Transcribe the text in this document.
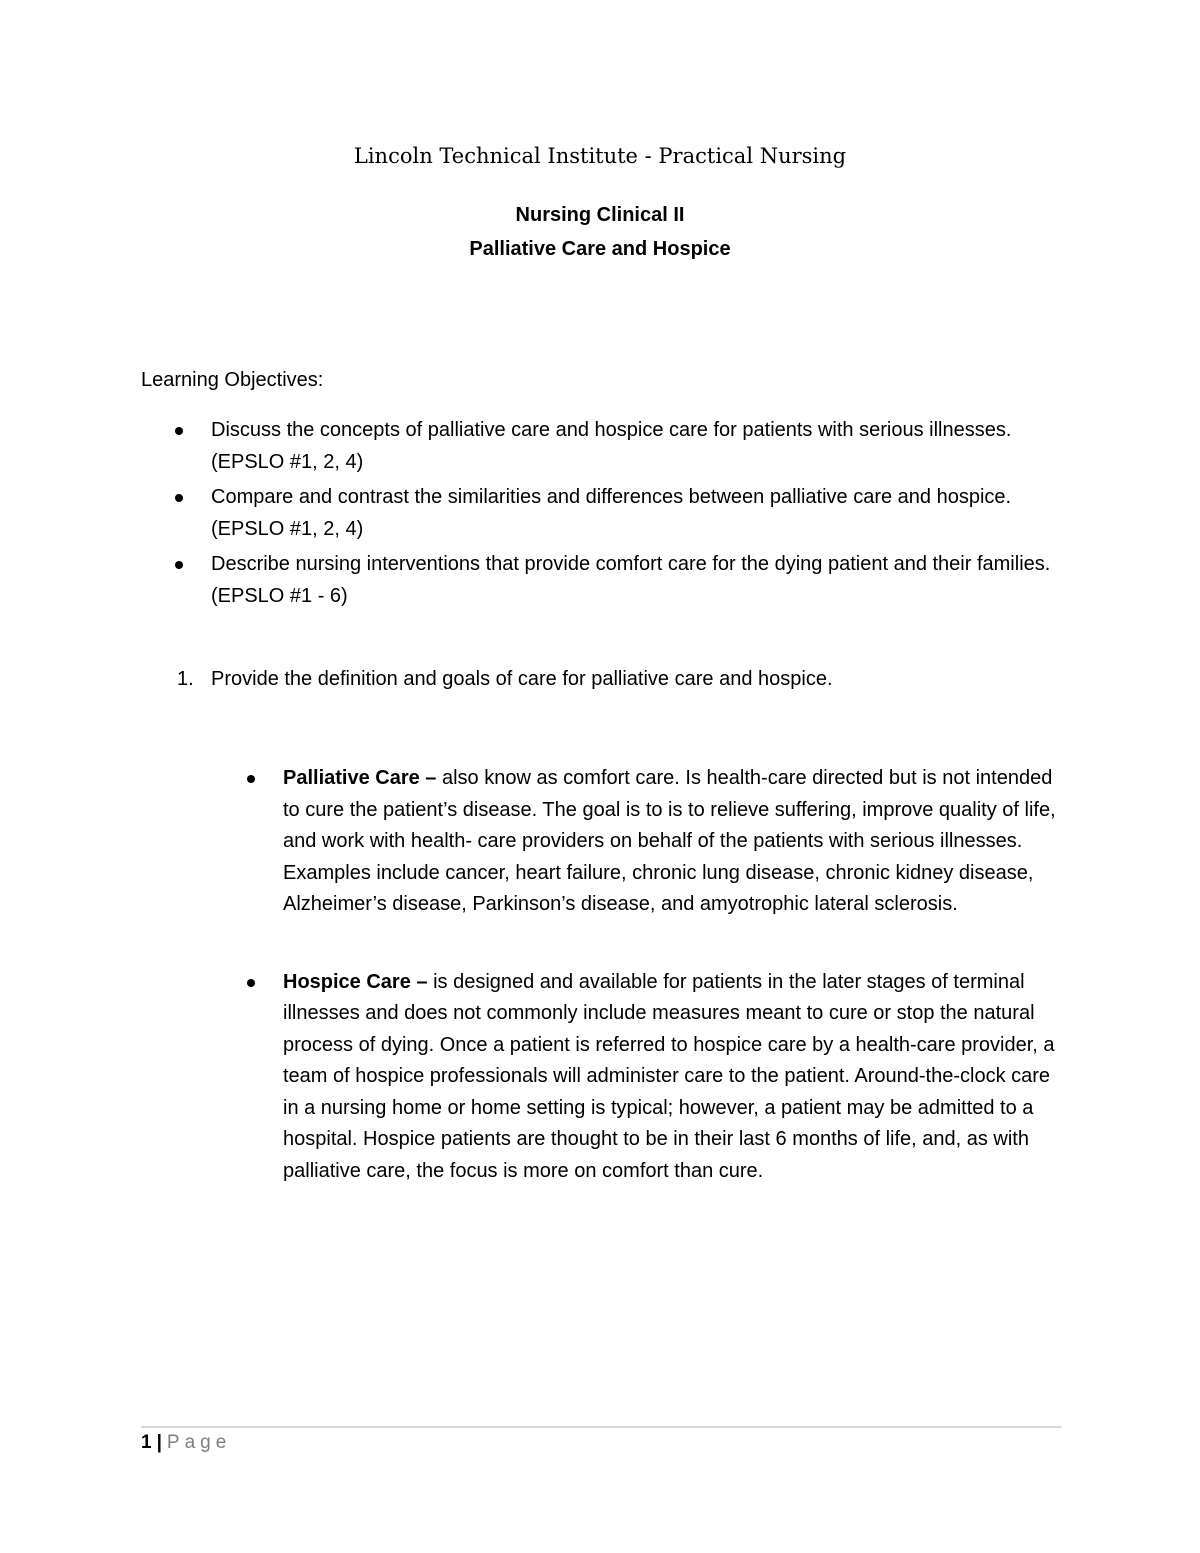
Lincoln Technical Institute - Practical Nursing
Nursing Clinical II
Palliative Care and Hospice
Learning Objectives:
Discuss the concepts of palliative care and hospice care for patients with serious illnesses. (EPSLO #1, 2, 4)
Compare and contrast the similarities and differences between palliative care and hospice. (EPSLO #1, 2, 4)
Describe nursing interventions that provide comfort care for the dying patient and their families. (EPSLO #1 - 6)
1. Provide the definition and goals of care for palliative care and hospice.
Palliative Care – also know as comfort care. Is health-care directed but is not intended to cure the patient’s disease. The goal is to is to relieve suffering, improve quality of life, and work with health- care providers on behalf of the patients with serious illnesses. Examples include cancer, heart failure, chronic lung disease, chronic kidney disease, Alzheimer’s disease, Parkinson’s disease, and amyotrophic lateral sclerosis.
Hospice Care – is designed and available for patients in the later stages of terminal illnesses and does not commonly include measures meant to cure or stop the natural process of dying. Once a patient is referred to hospice care by a health-care provider, a team of hospice professionals will administer care to the patient. Around-the-clock care in a nursing home or home setting is typical; however, a patient may be admitted to a hospital. Hospice patients are thought to be in their last 6 months of life, and, as with palliative care, the focus is more on comfort than cure.
1 | Page
